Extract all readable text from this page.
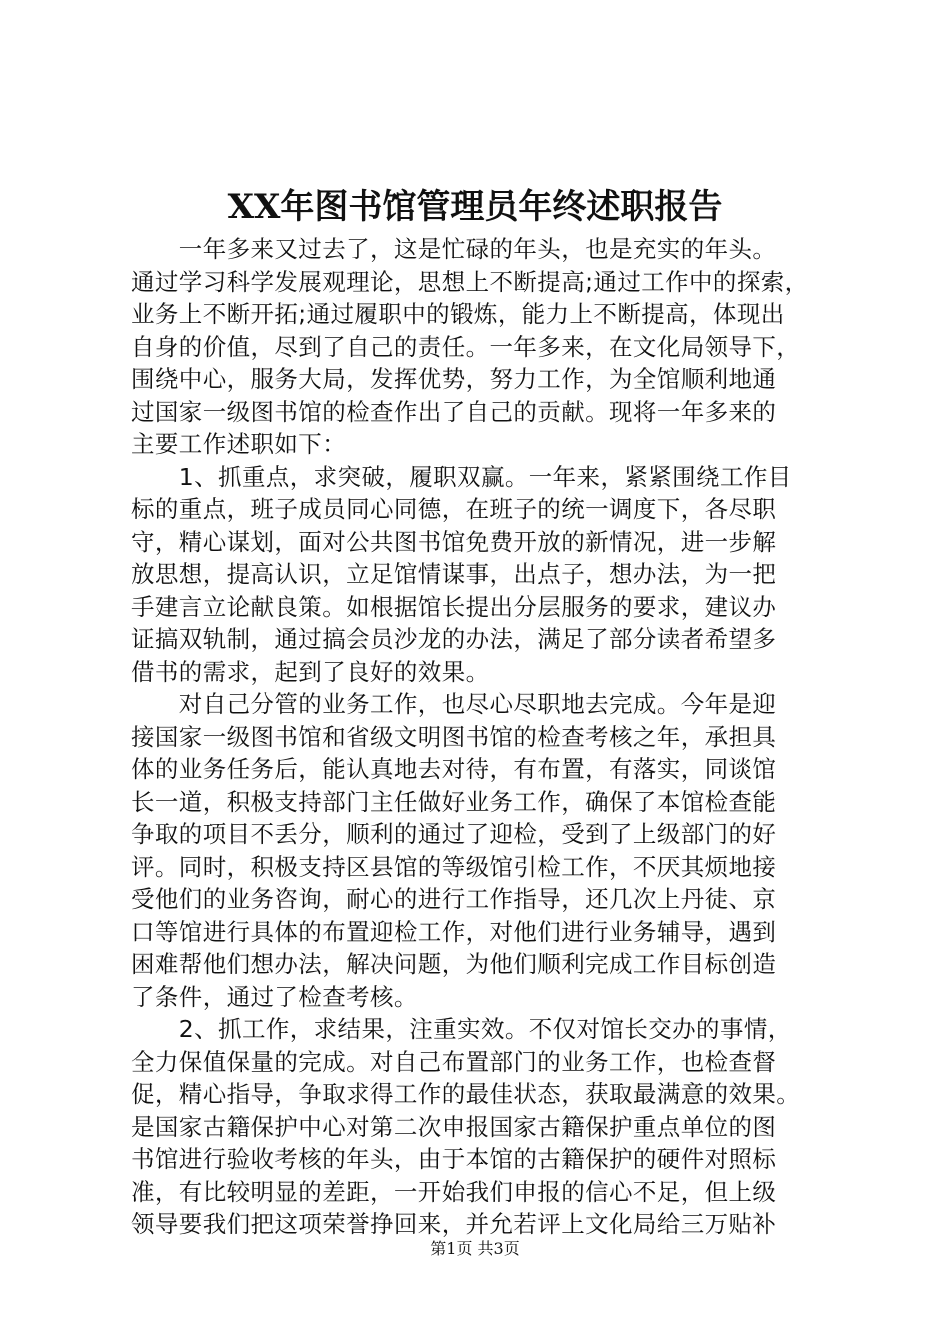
XX年图书馆管理员年终述职报告

　　一年多来又过去了，这是忙碌的年头，也是充实的年头。
通过学习科学发展观理论，思想上不断提高;通过工作中的探索，
业务上不断开拓;通过履职中的锻炼，能力上不断提高，体现出
自身的价值，尽到了自己的责任。一年多来，在文化局领导下，
围绕中心，服务大局，发挥优势，努力工作，为全馆顺利地通
过国家一级图书馆的检查作出了自己的贡献。现将一年多来的
主要工作述职如下：

　　1、抓重点，求突破，履职双赢。一年来，紧紧围绕工作目
标的重点，班子成员同心同德，在班子的统一调度下，各尽职
守，精心谋划，面对公共图书馆免费开放的新情况，进一步解
放思想，提高认识，立足馆情谋事，出点子，想办法，为一把
手建言立论献良策。如根据馆长提出分层服务的要求，建议办
证搞双轨制，通过搞会员沙龙的办法，满足了部分读者希望多
借书的需求，起到了良好的效果。

　　对自己分管的业务工作，也尽心尽职地去完成。今年是迎
接国家一级图书馆和省级文明图书馆的检查考核之年，承担具
体的业务任务后，能认真地去对待，有布置，有落实，同谈馆
长一道，积极支持部门主任做好业务工作，确保了本馆检查能
争取的项目不丢分，顺利的通过了迎检，受到了上级部门的好
评。同时，积极支持区县馆的等级馆引检工作，不厌其烦地接
受他们的业务咨询，耐心的进行工作指导，还几次上丹徒、京
口等馆进行具体的布置迎检工作，对他们进行业务辅导，遇到
困难帮他们想办法，解决问题，为他们顺利完成工作目标创造
了条件，通过了检查考核。

　　2、抓工作，求结果，注重实效。不仅对馆长交办的事情，
全力保值保量的完成。对自己布置部门的业务工作，也检查督
促，精心指导，争取求得工作的最佳状态，获取最满意的效果。
是国家古籍保护中心对第二次申报国家古籍保护重点单位的图
书馆进行验收考核的年头，由于本馆的古籍保护的硬件对照标
准，有比较明显的差距，一开始我们申报的信心不足，但上级
领导要我们把这项荣誉挣回来，并允若评上文化局给三万贴补

第1页 共3页
